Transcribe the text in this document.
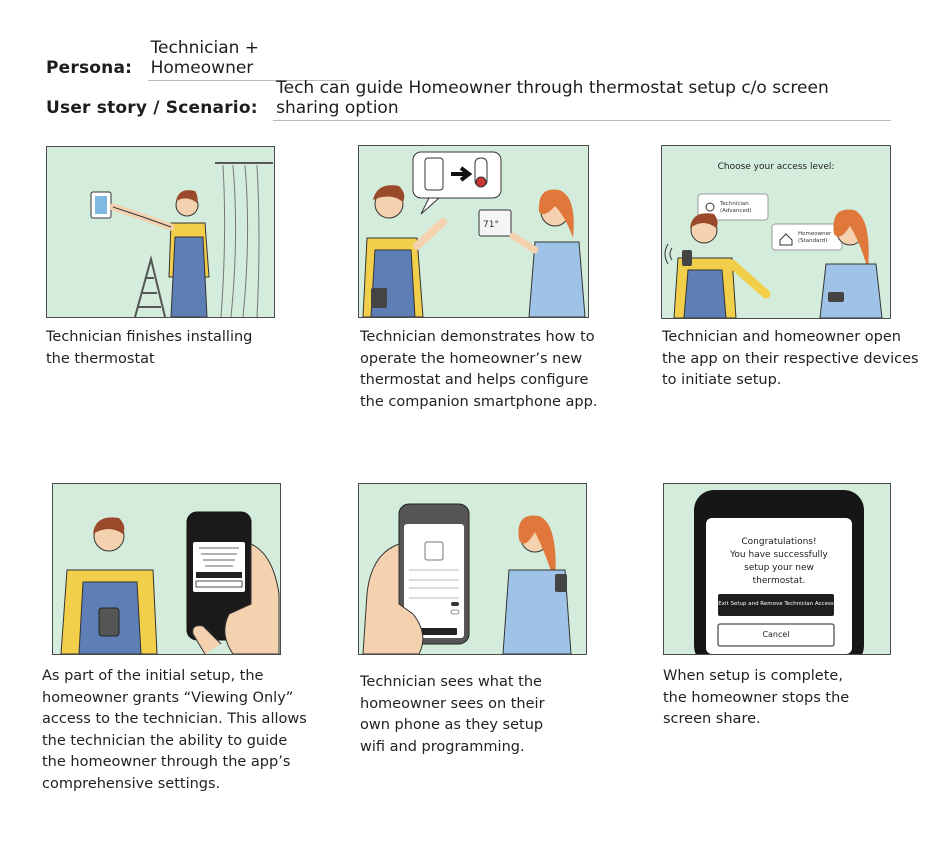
Persona: Technician + Homeowner
User story / Scenario: Tech can guide Homeowner through thermostat setup c/o screen sharing option
Technician finishes installing
the thermostat
71°
Technician demonstrates how to
operate the homeowner’s new
thermostat and helps configure
the companion smartphone app.
Choose your access level:
Technician
(Advanced)
Homeowner
(Standard)
Technician and homeowner open
the app on their respective devices
to initiate setup.
As part of the initial setup, the
homeowner grants “Viewing Only”
access to the technician. This allows
the technician the ability to guide
the homeowner through the app’s
comprehensive settings.
Technician sees what the
homeowner sees on their
own phone as they setup
wifi and programming.
Congratulations!
You have successfully
setup your new
thermostat.
Exit Setup and Remove Technician Access
Cancel
When setup is complete,
the homeowner stops the
screen share.
